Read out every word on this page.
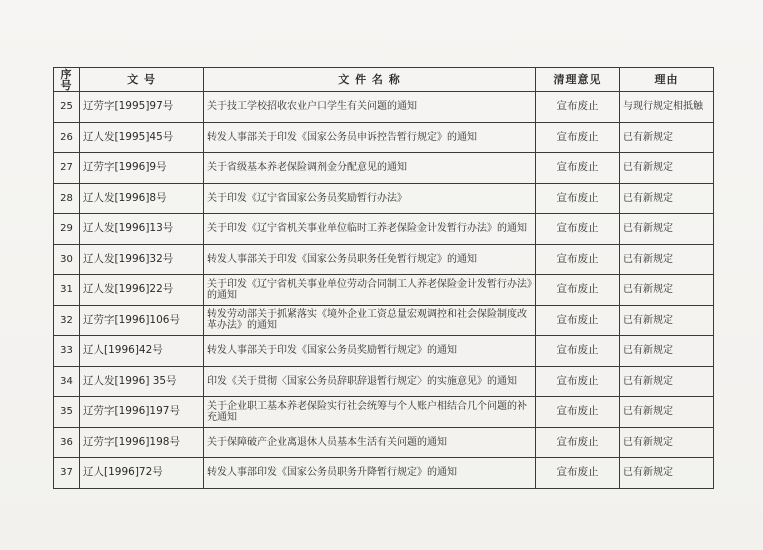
序号	文 号	文 件 名 称	清理意见	理由
25	辽劳字[1995]97号	关于技工学校招收农业户口学生有关问题的通知	宣布废止	与现行规定相抵触
26	辽人发[1995]45号	转发人事部关于印发《国家公务员申诉控告暂行规定》的通知	宣布废止	已有新规定
27	辽劳字[1996]9号	关于省级基本养老保险调剂金分配意见的通知	宣布废止	已有新规定
28	辽人发[1996]8号	关于印发《辽宁省国家公务员奖励暂行办法》	宣布废止	已有新规定
29	辽人发[1996]13号	关于印发《辽宁省机关事业单位临时工养老保险金计发暂行办法》的通知	宣布废止	已有新规定
30	辽人发[1996]32号	转发人事部关于印发《国家公务员职务任免暂行规定》的通知	宣布废止	已有新规定
31	辽人发[1996]22号	关于印发《辽宁省机关事业单位劳动合同制工人养老保险金计发暂行办法》的通知	宣布废止	已有新规定
32	辽劳字[1996]106号	转发劳动部关于抓紧落实《境外企业工资总量宏观调控和社会保险制度改革办法》的通知	宣布废止	已有新规定
33	辽人[1996]42号	转发人事部关于印发《国家公务员奖励暂行规定》的通知	宣布废止	已有新规定
34	辽人发[1996] 35号	印发《关于贯彻〈国家公务员辞职辞退暂行规定〉的实施意见》的通知	宣布废止	已有新规定
35	辽劳字[1996]197号	关于企业职工基本养老保险实行社会统筹与个人账户相结合几个问题的补充通知	宣布废止	已有新规定
36	辽劳字[1996]198号	关于保障破产企业离退休人员基本生活有关问题的通知	宣布废止	已有新规定
37	辽人[1996]72号	转发人事部印发《国家公务员职务升降暂行规定》的通知	宣布废止	已有新规定
